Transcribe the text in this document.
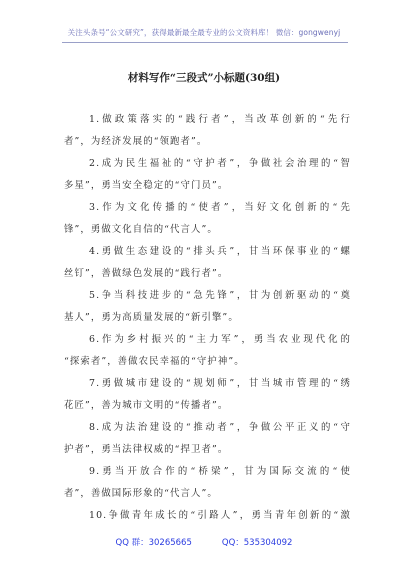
关注头条号“公文研究”，获得最新最全最专业的公文资料库！ 微信：gongwenyj
材料写作“三段式”小标题(30组)
1.做政策落实的“践行者”，当改革创新的“先行
者”，为经济发展的“领跑者”。
2.成为民生福祉的“守护者”，争做社会治理的“智
多星”，勇当安全稳定的“守门员”。
3.作为文化传播的“使者”，当好文化创新的“先
锋”，勇做文化自信的“代言人”。
4.勇做生态建设的“排头兵”，甘当环保事业的“螺
丝钉”，善做绿色发展的“践行者”。
5.争当科技进步的“急先锋”，甘为创新驱动的“奠
基人”，勇为高质量发展的“新引擎”。
6.作为乡村振兴的“主力军”，勇当农业现代化的
“探索者”，善做农民幸福的“守护神”。
7.勇做城市建设的“规划师”，甘当城市管理的“绣
花匠”，善为城市文明的“传播者”。
8.成为法治建设的“推动者”，争做公平正义的“守
护者”，勇当法律权威的“捍卫者”。
9.勇当开放合作的“桥梁”，甘为国际交流的“使
者”，善做国际形象的“代言人”。
10.争做青年成长的“引路人”，勇当青年创新的“激
QQ 群：30265665	QQ：535304092
